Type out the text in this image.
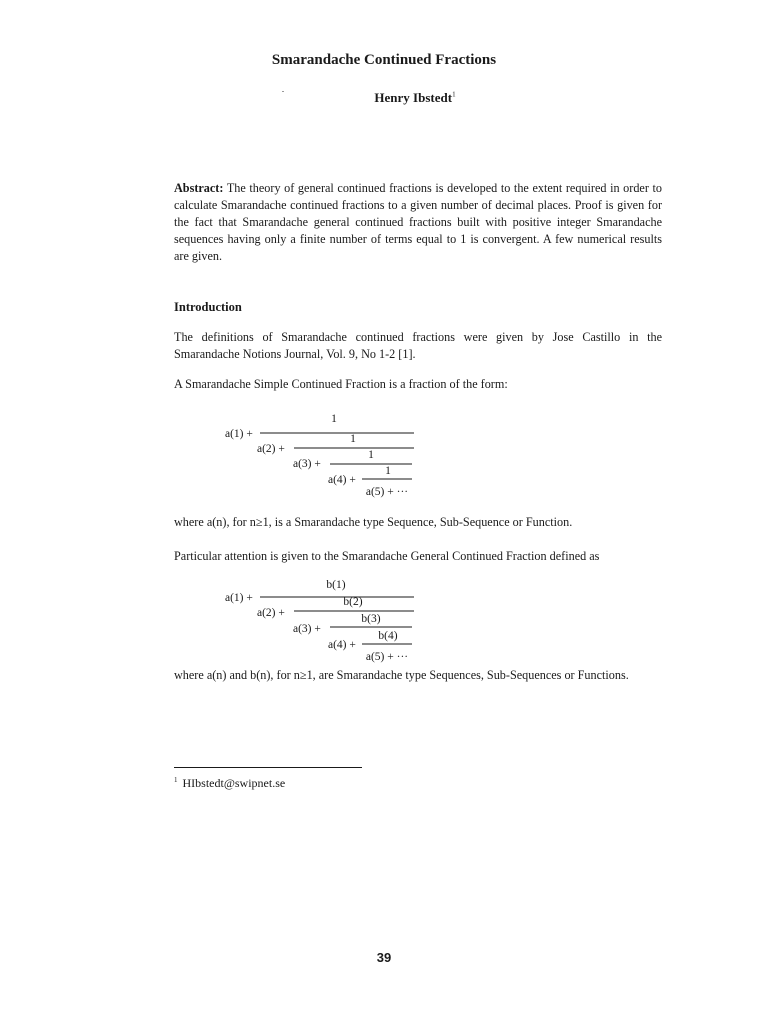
Smarandache Continued Fractions
Henry Ibstedt$^1$
Abstract: The theory of general continued fractions is developed to the extent required in order to calculate Smarandache continued fractions to a given number of decimal places. Proof is given for the fact that Smarandache general continued fractions built with positive integer Smarandache sequences having only a finite number of terms equal to 1 is convergent. A few numerical results are given.
Introduction
The definitions of Smarandache continued fractions were given by Jose Castillo in the Smarandache Notions Journal, Vol. 9, No 1-2 [1].
A Smarandache Simple Continued Fraction is a fraction of the form:
a(1) +
1
a(2) +
1
a(3) +
1
a(4) +
1
a(5) + ···
where a(n), for n≥1, is a Smarandache type Sequence, Sub-Sequence or Function.
Particular attention is given to the Smarandache General Continued Fraction defined as
a(1) +
b(1)
a(2) +
b(2)
a(3) +
b(3)
a(4) +
b(4)
a(5) + ···
where a(n) and b(n), for n≥1, are Smarandache type Sequences, Sub-Sequences or Functions.
$^1$ HIbstedt@swipnet.se
39
